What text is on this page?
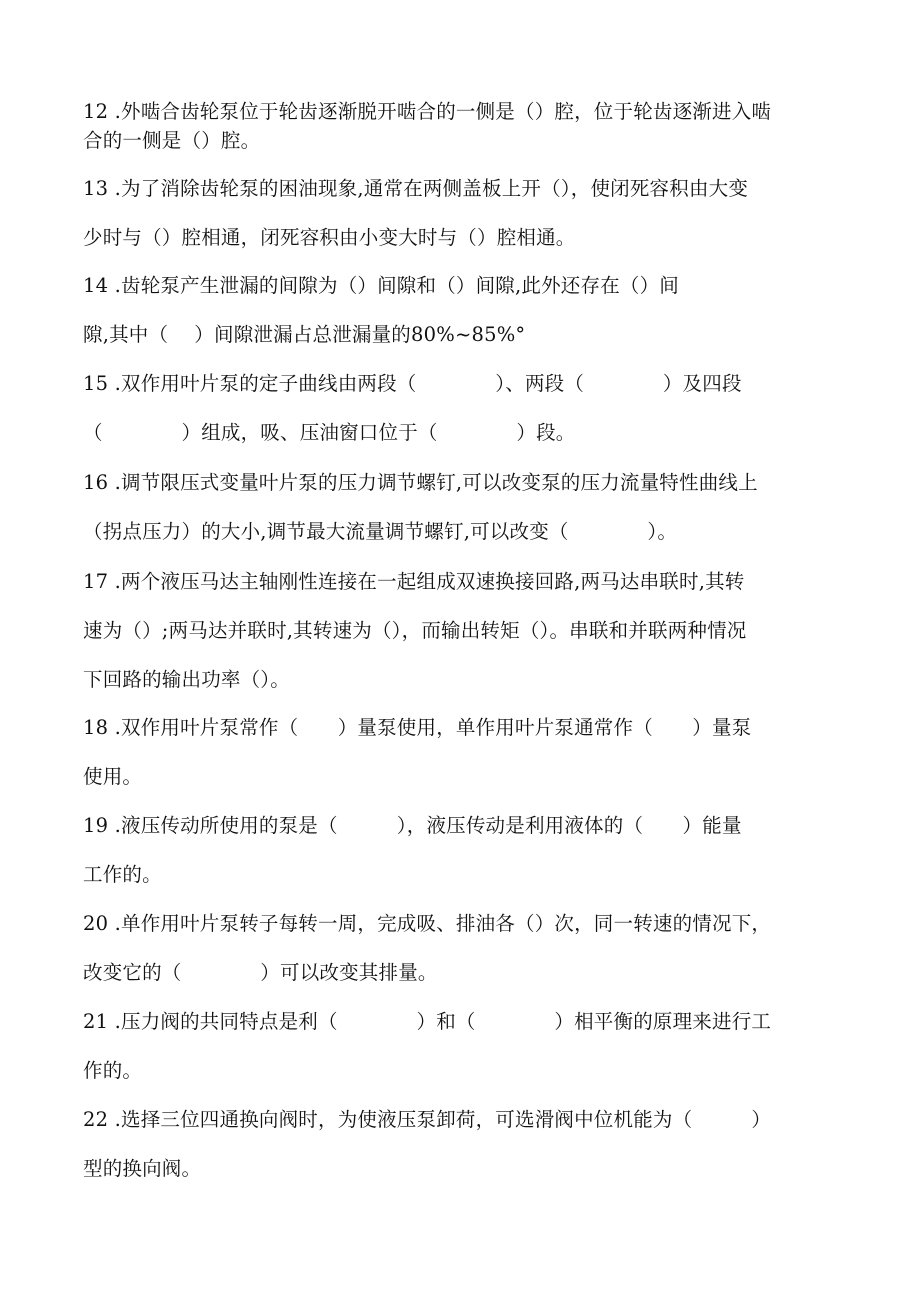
12 .外啮合齿轮泵位于轮齿逐渐脱开啮合的一侧是（）腔，位于轮齿逐渐进入啮
合的一侧是（）腔。
13 .为了消除齿轮泵的困油现象,通常在两侧盖板上开（），使闭死容积由大变
少时与（）腔相通，闭死容积由小变大时与（）腔相通。
14 .齿轮泵产生泄漏的间隙为（）间隙和（）间隙,此外还存在（）间
隙,其中（　 ）间隙泄漏占总泄漏量的80%~85%°
15 .双作用叶片泵的定子曲线由两段（　　　　）、两段（　　　　）及四段
（　　　　）组成，吸、压油窗口位于（　　　　）段。
16 .调节限压式变量叶片泵的压力调节螺钉,可以改变泵的压力流量特性曲线上
（拐点压力）的大小,调节最大流量调节螺钉,可以改变（　　　　）。
17 .两个液压马达主轴刚性连接在一起组成双速换接回路,两马达串联时,其转
速为（）;两马达并联时,其转速为（），而输出转矩（）。串联和并联两种情况
下回路的输出功率（）。
18 .双作用叶片泵常作（　　）量泵使用，单作用叶片泵通常作（　　）量泵
使用。
19 .液压传动所使用的泵是（　　　），液压传动是利用液体的（　　）能量
工作的。
20 .单作用叶片泵转子每转一周，完成吸、排油各（）次，同一转速的情况下，
改变它的（　　　　）可以改变其排量。
21 .压力阀的共同特点是利（　　　　）和（　　　　）相平衡的原理来进行工
作的。
22 .选择三位四通换向阀时，为使液压泵卸荷，可选滑阀中位机能为（　　　）
型的换向阀。
